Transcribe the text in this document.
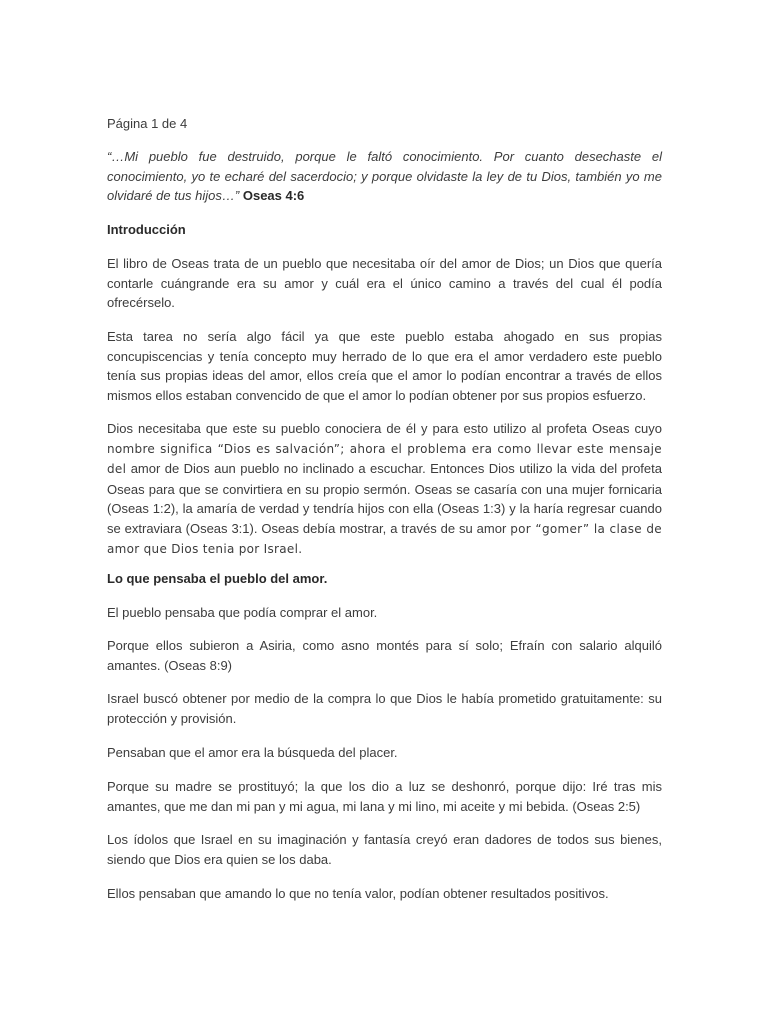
Página 1 de 4
“…Mi pueblo fue destruido, porque le faltó conocimiento. Por cuanto desechaste el conocimiento, yo te echaré del sacerdocio; y porque olvidaste la ley de tu Dios, también yo me olvidaré de tus hijos…” Oseas 4:6
Introducción
El libro de Oseas trata de un pueblo que necesitaba oír del amor de Dios; un Dios que quería contarle cuángrande era su amor y cuál era el único camino a través del cual él podía ofrecérselo.
Esta tarea no sería algo fácil ya que este pueblo estaba ahogado en sus propias concupiscencias y tenía concepto muy herrado de lo que era el amor verdadero este pueblo tenía sus propias ideas del amor, ellos creía que el amor lo podían encontrar a través de ellos mismos ellos estaban convencido de que el amor lo podían obtener por sus propios esfuerzo.
Dios necesitaba que este su pueblo conociera de él y para esto utilizo al profeta Oseas cuyo nombre significa “Dios es salvación”; ahora el problema era como llevar este mensaje del amor de Dios aun pueblo no inclinado a escuchar. Entonces Dios utilizo la vida del profeta Oseas para que se convirtiera en su propio sermón. Oseas se casaría con una mujer fornicaria (Oseas 1:2), la amaría de verdad y tendría hijos con ella (Oseas 1:3) y la haría regresar cuando se extraviara (Oseas 3:1). Oseas debía mostrar, a través de su amor por “gomer” la clase de amor que Dios tenia por Israel.
Lo que pensaba el pueblo del amor.
El pueblo pensaba que podía comprar el amor.
Porque ellos subieron a Asiria, como asno montés para sí solo; Efraín con salario alquiló amantes. (Oseas 8:9)
Israel buscó obtener por medio de la compra lo que Dios le había prometido gratuitamente: su protección y provisión.
Pensaban que el amor era la búsqueda del placer.
Porque su madre se prostituyó; la que los dio a luz se deshonró, porque dijo: Iré tras mis amantes, que me dan mi pan y mi agua, mi lana y mi lino, mi aceite y mi bebida. (Oseas 2:5)
Los ídolos que Israel en su imaginación y fantasía creyó eran dadores de todos sus bienes, siendo que Dios era quien se los daba.
Ellos pensaban que amando lo que no tenía valor, podían obtener resultados positivos.
